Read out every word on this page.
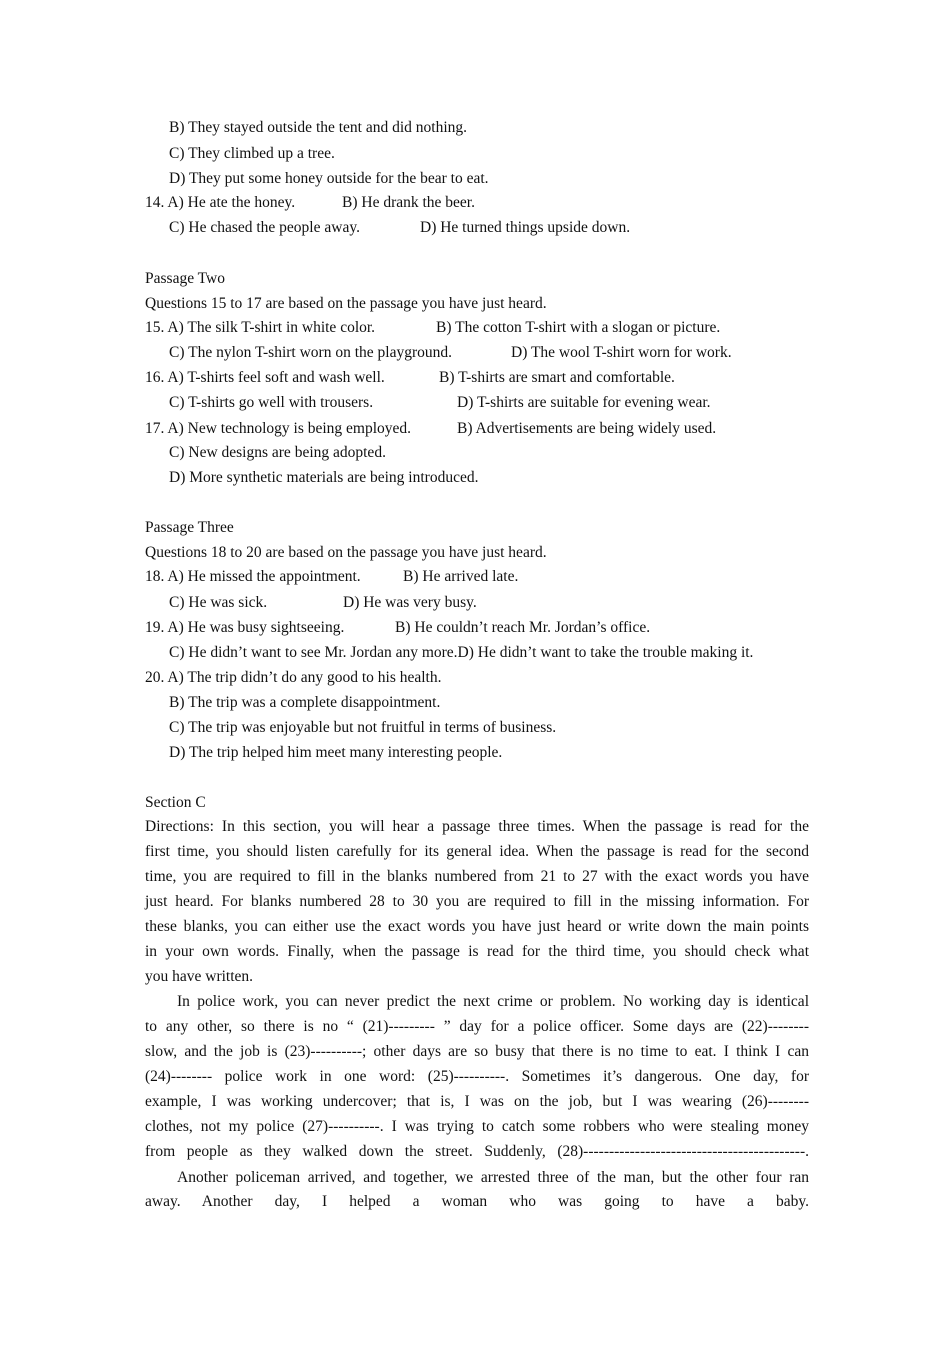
B) They stayed outside the tent and did nothing.
C) They climbed up a tree.
D) They put some honey outside for the bear to eat.
14. A) He ate the honey.	B) He drank the beer.
C) He chased the people away.	D) He turned things upside down.
Passage Two
Questions 15 to 17 are based on the passage you have just heard.
15. A) The silk T-shirt in white color.	B) The cotton T-shirt with a slogan or picture.
C) The nylon T-shirt worn on the playground.	D) The wool T-shirt worn for work.
16. A) T-shirts feel soft and wash well.	B) T-shirts are smart and comfortable.
C) T-shirts go well with trousers.	D) T-shirts are suitable for evening wear.
17. A) New technology is being employed.	B) Advertisements are being widely used.
C) New designs are being adopted.
D) More synthetic materials are being introduced.
Passage Three
Questions 18 to 20 are based on the passage you have just heard.
18. A) He missed the appointment.	B) He arrived late.
C) He was sick.	D) He was very busy.
19. A) He was busy sightseeing.	B) He couldn’t reach Mr. Jordan’s office.
C) He didn’t want to see Mr. Jordan any more.D) He didn’t want to take the trouble making it.
20. A) The trip didn’t do any good to his health.
B) The trip was a complete disappointment.
C) The trip was enjoyable but not fruitful in terms of business.
D) The trip helped him meet many interesting people.
Section C
Directions: In this section, you will hear a passage three times. When the passage is read for the
first time, you should listen carefully for its general idea. When the passage is read for the second
time, you are required to fill in the blanks numbered from 21 to 27 with the exact words you have
just heard. For blanks numbered 28 to 30 you are required to fill in the missing information. For
these blanks, you can either use the exact words you have just heard or write down the main points
in your own words. Finally, when the passage is read for the third time, you should check what
you have written.
In police work, you can never predict the next crime or problem. No working day is identical
to any other, so there is no “ (21)--------- ” day for a police officer. Some days are (22)--------
slow, and the job is (23)----------; other days are so busy that there is no time to eat. I think I can
(24)-------- police work in one word: (25)----------. Sometimes it’s dangerous. One day, for
example, I was working undercover; that is, I was on the job, but I was wearing (26)--------
clothes, not my police (27)----------. I was trying to catch some robbers who were stealing money
from people as they walked down the street. Suddenly, (28)-------------------------------------------.
Another policeman arrived, and together, we arrested three of the man, but the other four ran
away. Another day, I helped a woman who was going to have a baby.
